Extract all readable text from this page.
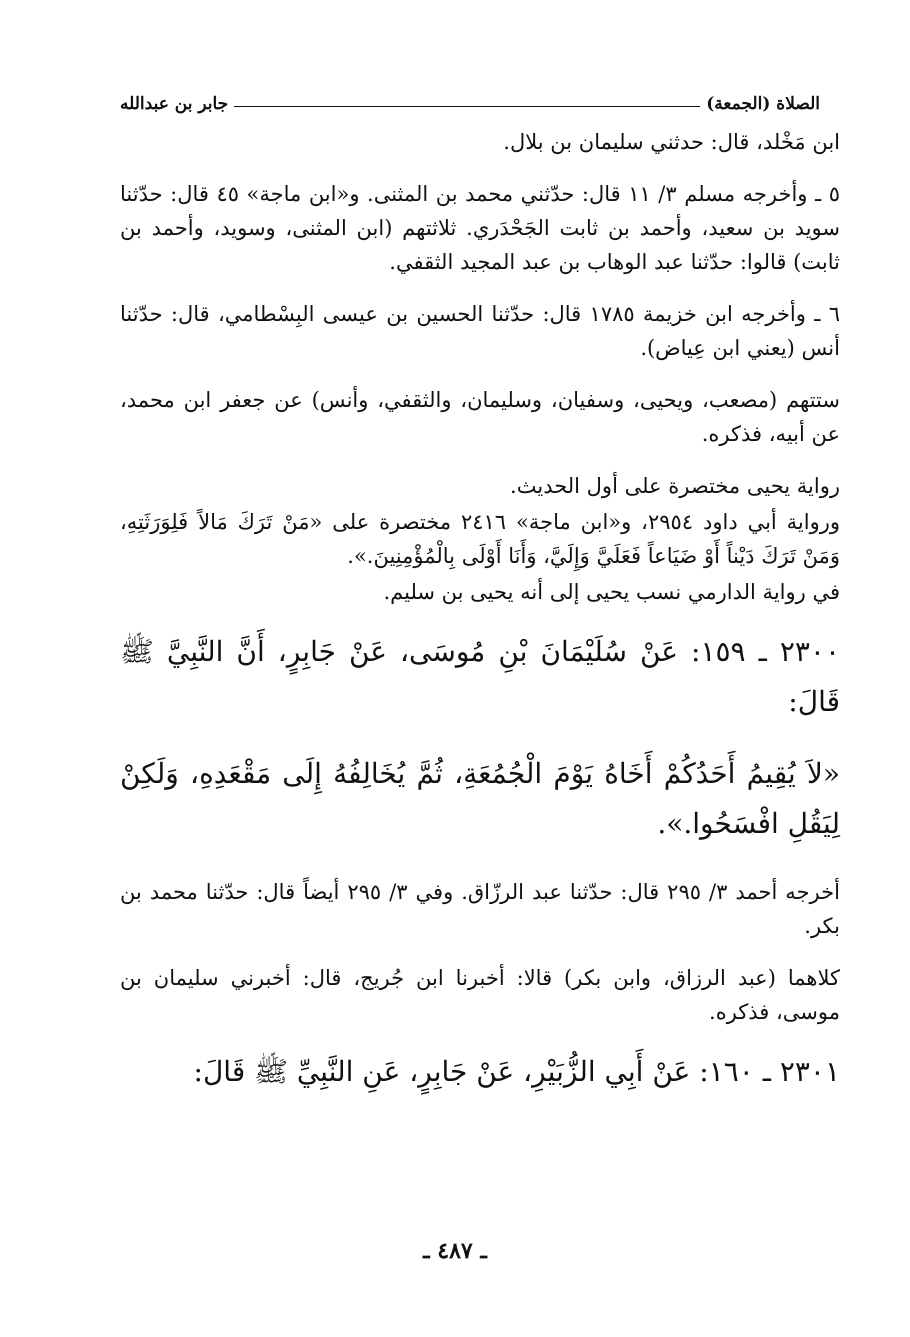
الصلاة (الجمعة)
جابر بن عبدالله

ابن مَخْلد، قال: حدثني سليمان بن بلال.

٥ ـ وأخرجه مسلم ٣/ ١١ قال: حدّثني محمد بن المثنى. و«ابن ماجة» ٤٥ قال: حدّثنا سويد بن سعيد، وأحمد بن ثابت الجَحْدَري. ثلاثتهم (ابن المثنى، وسويد، وأحمد بن ثابت) قالوا: حدّثنا عبد الوهاب بن عبد المجيد الثقفي.

٦ ـ وأخرجه ابن خزيمة ١٧٨٥ قال: حدّثنا الحسين بن عيسى البِسْطامي، قال: حدّثنا أنس (يعني ابن عِياض).

ستتهم (مصعب، ويحيى، وسفيان، وسليمان، والثقفي، وأنس) عن جعفر ابن محمد، عن أبيه، فذكره.

رواية يحيى مختصرة على أول الحديث.

ورواية أبي داود ٢٩٥٤، و«ابن ماجة» ٢٤١٦ مختصرة على «مَنْ تَرَكَ مَالاً فَلِوَرَثَتِهِ، وَمَنْ تَرَكَ دَيْناً أَوْ ضَيَاعاً فَعَلَيَّ وَإِلَيَّ، وَأَنَا أَوْلَى بِالْمُؤْمِنِينَ.».

في رواية الدارمي نسب يحيى إلى أنه يحيى بن سليم.

٢٣٠٠ ـ ١٥٩: عَنْ سُلَيْمَانَ بْنِ مُوسَى، عَنْ جَابِرٍ، أَنَّ النَّبِيَّ ﷺ قَالَ:

«لاَ يُقِيمُ أَحَدُكُمْ أَخَاهُ يَوْمَ الْجُمُعَةِ، ثُمَّ يُخَالِفُهُ إِلَى مَقْعَدِهِ، وَلَكِنْ لِيَقُلِ افْسَحُوا.».

أخرجه أحمد ٣/ ٢٩٥ قال: حدّثنا عبد الرزّاق. وفي ٣/ ٢٩٥ أيضاً قال: حدّثنا محمد بن بكر.

كلاهما (عبد الرزاق، وابن بكر) قالا: أخبرنا ابن جُريج، قال: أخبرني سليمان بن موسى، فذكره.

٢٣٠١ ـ ١٦٠: عَنْ أَبِي الزُّبَيْرِ، عَنْ جَابِرٍ، عَنِ النَّبِيِّ ﷺ قَالَ:

ـ ٤٨٧ ـ
